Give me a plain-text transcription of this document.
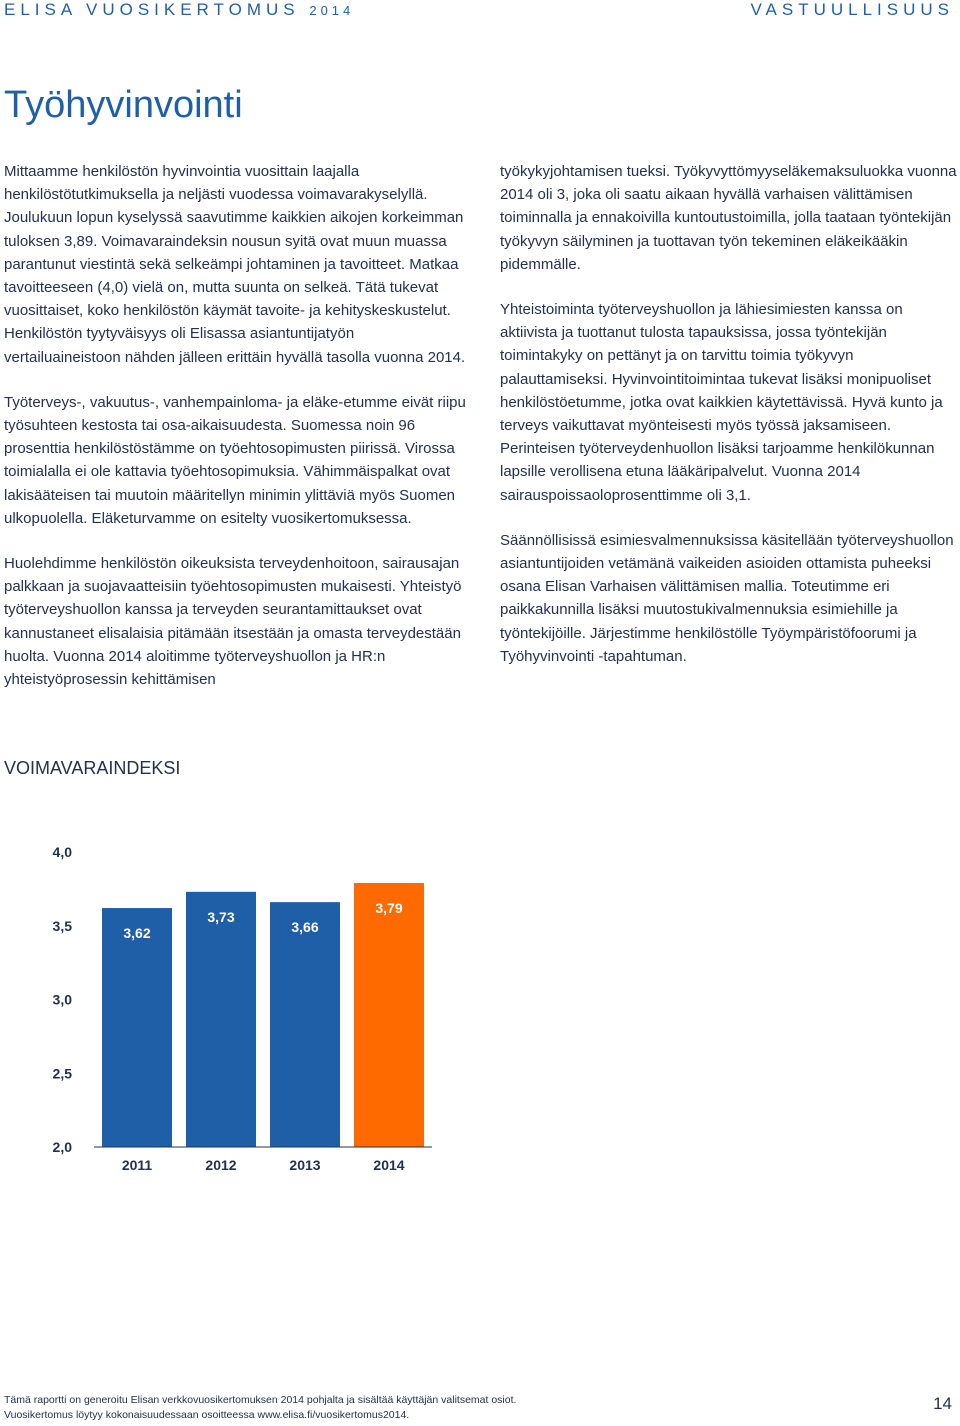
ELISA VUOSIKERTOMUS 2014	VASTUULLISUUS
Työhyvinvointi

Mittaamme henkilöstön hyvinvointia vuosittain laajalla henkilöstötutkimuksella ja neljästi vuodessa voimavarakyselyllä. Joulukuun lopun kyselyssä saavutimme kaikkien aikojen korkeimman tuloksen 3,89. Voimavaraindeksin nousun syitä ovat muun muassa parantunut viestintä sekä selkeämpi johtaminen ja tavoitteet. Matkaa tavoitteeseen (4,0) vielä on, mutta suunta on selkeä. Tätä tukevat vuosittaiset, koko henkilöstön käymät tavoite- ja kehityskeskustelut. Henkilöstön tyytyväisyys oli Elisassa asiantuntijatyön vertailuaineistoon nähden jälleen erittäin hyvällä tasolla vuonna 2014.

Työterveys-, vakuutus-, vanhempainloma- ja eläke-etumme eivät riipu työsuhteen kestosta tai osa-aikaisuudesta. Suomessa noin 96 prosenttia henkilöstöstämme on työehtosopimusten piirissä. Virossa toimialalla ei ole kattavia työehtosopimuksia. Vähimmäispalkat ovat lakisääteisen tai muutoin määritellyn minimin ylittäviä myös Suomen ulkopuolella. Eläketurvamme on esitelty vuosikertomuksessa.

Huolehdimme henkilöstön oikeuksista terveydenhoitoon, sairausajan palkkaan ja suojavaatteisiin työehtosopimusten mukaisesti. Yhteistyö työterveyshuollon kanssa ja terveyden seurantamittaukset ovat kannustaneet elisalaisia pitämään itsestään ja omasta terveydestään huolta. Vuonna 2014 aloitimme työterveyshuollon ja HR:n yhteistyöprosessin kehittämisen

työkykyjohtamisen tueksi. Työkyvyttömyyseläkemaksuluokka vuonna 2014 oli 3, joka oli saatu aikaan hyvällä varhaisen välittämisen toiminnalla ja ennakoivilla kuntoutustoimilla, jolla taataan työntekijän työkyvyn säilyminen ja tuottavan työn tekeminen eläkeikääkin pidemmälle.

Yhteistoiminta työterveyshuollon ja lähiesimiesten kanssa on aktiivista ja tuottanut tulosta tapauksissa, jossa työntekijän toimintakyky on pettänyt ja on tarvittu toimia työkyvyn palauttamiseksi. Hyvinvointitoimintaa tukevat lisäksi monipuoliset henkilöstöetumme, jotka ovat kaikkien käytettävissä. Hyvä kunto ja terveys vaikuttavat myönteisesti myös työssä jaksamiseen. Perinteisen työterveydenhuollon lisäksi tarjoamme henkilökunnan lapsille verollisena etuna lääkäripalvelut. Vuonna 2014 sairauspoissaoloprosenttimme oli 3,1.

Säännöllisissä esimiesvalmennuksissa käsitellään työterveyshuollon asiantuntijoiden vetämänä vaikeiden asioiden ottamista puheeksi osana Elisan Varhaisen välittämisen mallia. Toteutimme eri paikkakunnilla lisäksi muutostukivalmennuksia esimiehille ja työntekijöille. Järjestimme henkilöstölle Työympäristöfoorumi ja Työhyvinvointi -tapahtuman.

VOIMAVARAINDEKSI
4,0
3,5
3,0
2,5
2,0
3,62
2011
3,73
2012
3,66
2013
3,79
2014

Tämä raportti on generoitu Elisan verkkovuosikertomuksen 2014 pohjalta ja sisältää käyttäjän valitsemat osiot.

Vuosikertomus löytyy kokonaisuudessaan osoitteessa www.elisa.fi/vuosikertomus2014.

14
